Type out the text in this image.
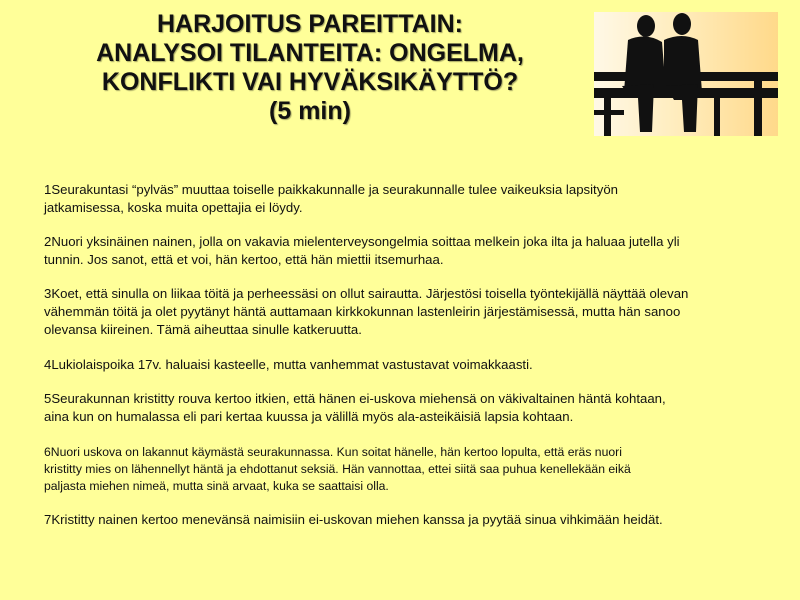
HARJOITUS PAREITTAIN:
ANALYSOI TILANTEITA: ONGELMA,
KONFLIKTI VAI HYVÄKSIKÄYTTÖ?
(5 min)
1Seurakuntasi “pylväs” muuttaa toiselle paikkakunnalle ja seurakunnalle tulee vaikeuksia lapsityön
jatkamisessa, koska muita opettajia ei löydy.
2Nuori yksinäinen nainen, jolla on vakavia mielenterveysongelmia soittaa melkein joka ilta ja haluaa jutella yli
tunnin. Jos sanot, että et voi, hän kertoo, että hän miettii itsemurhaa.
3Koet, että sinulla on liikaa töitä ja perheessäsi on ollut sairautta. Järjestösi toisella työntekijällä näyttää olevan
vähemmän töitä ja olet pyytänyt häntä auttamaan kirkkokunnan lastenleirin järjestämisessä, mutta hän sanoo
olevansa kiireinen. Tämä aiheuttaa sinulle katkeruutta.
4Lukiolaispoika 17v. haluaisi kasteelle, mutta vanhemmat vastustavat voimakkaasti.
5Seurakunnan kristitty rouva kertoo itkien, että hänen ei-uskova miehensä on väkivaltainen häntä kohtaan,
aina kun on humalassa eli pari kertaa kuussa ja välillä myös ala-asteikäisiä lapsia kohtaan.
6Nuori uskova on lakannut käymästä seurakunnassa. Kun soitat hänelle, hän kertoo lopulta, että eräs nuori
kristitty mies on lähennellyt häntä ja ehdottanut seksiä. Hän vannottaa, ettei siitä saa puhua kenellekään eikä
paljasta miehen nimeä, mutta sinä arvaat, kuka se saattaisi olla.
7Kristitty nainen kertoo menevänsä naimisiin ei-uskovan miehen kanssa ja pyytää sinua vihkimään heidät.
